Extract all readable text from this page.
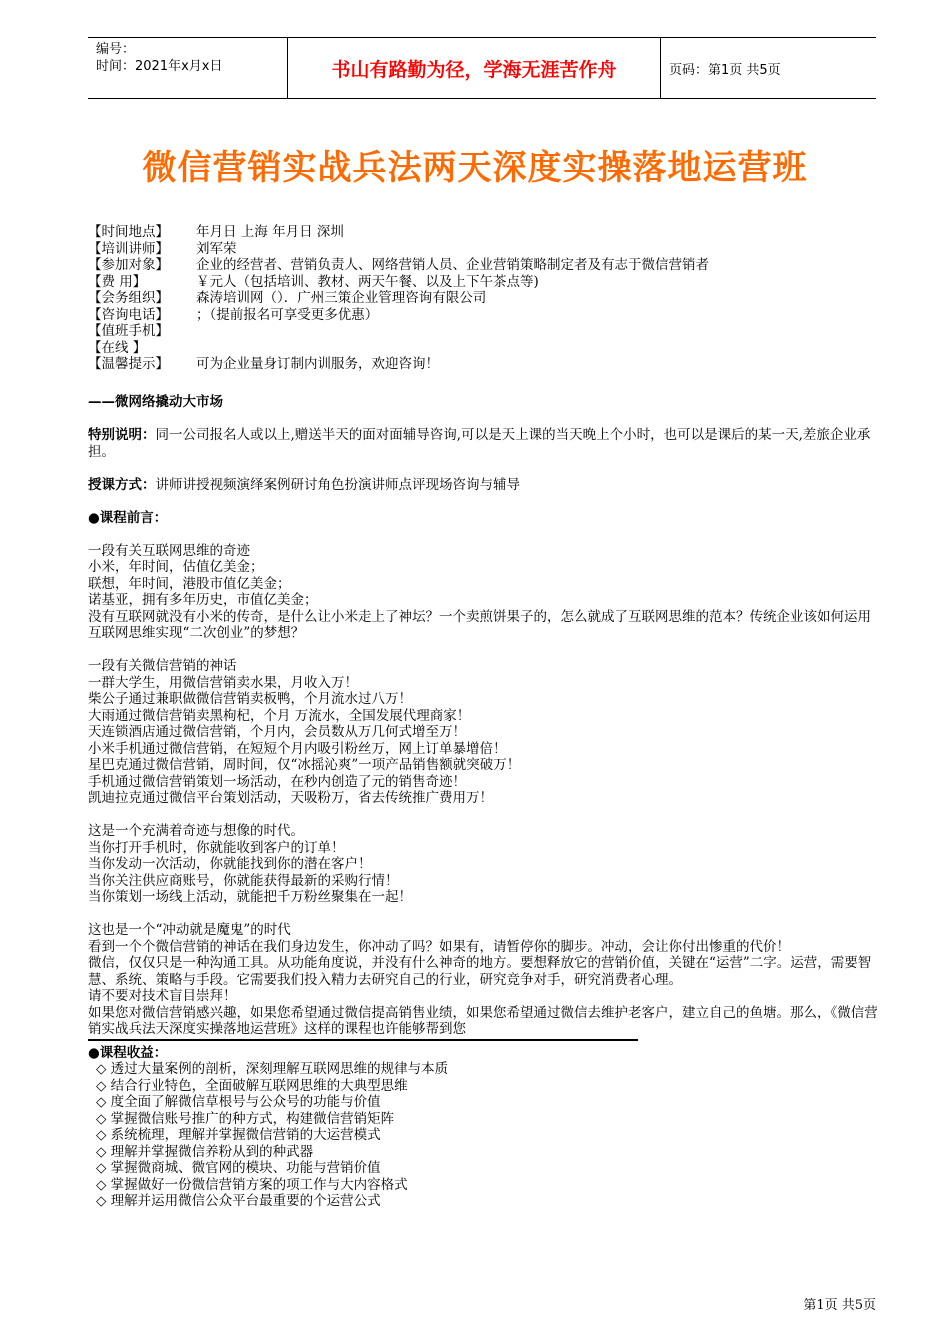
编号：
时间：2021年x月x日	书山有路勤为径，学海无涯苦作舟	页码：第1页 共5页
微信营销实战兵法两天深度实操落地运营班
【时间地点】	年月日 上海 年月日 深圳
【培训讲师】	刘军荣
【参加对象】	企业的经营者、营销负责人、网络营销人员、企业营销策略制定者及有志于微信营销者
【费 用】	￥元人（包括培训、教材、两天午餐、以及上下午茶点等)
【会务组织】	森涛培训网（）．广州三策企业管理咨询有限公司
【咨询电话】	；（提前报名可享受更多优惠）
【值班手机】
【在线 】
【温馨提示】	可为企业量身订制内训服务，欢迎咨询！

——微网络撬动大市场

特别说明：同一公司报名人或以上,赠送半天的面对面辅导咨询,可以是天上课的当天晚上个小时，也可以是课后的某一天,差旅企业承担。

授课方式：讲师讲授视频演绎案例研讨角色扮演讲师点评现场咨询与辅导

●课程前言：

一段有关互联网思维的奇迹

小米，年时间，估值亿美金；

联想，年时间，港股市值亿美金；

诺基亚，拥有多年历史，市值亿美金；

没有互联网就没有小米的传奇，是什么让小米走上了神坛？一个卖煎饼果子的，怎么就成了互联网思维的范本？传统企业该如何运用互联网思维实现“二次创业”的梦想？

一段有关微信营销的神话

一群大学生，用微信营销卖水果，月收入万！

柴公子通过兼职做微信营销卖板鸭，个月流水过八万！

大雨通过微信营销卖黑枸杞，个月 万流水，全国发展代理商家！

天连锁酒店通过微信营销，个月内，会员数从万几何式增至万！

小米手机通过微信营销，在短短个月内吸引粉丝万，网上订单暴增倍！

星巴克通过微信营销，周时间，仅“冰摇沁爽”一项产品销售额就突破万！

手机通过微信营销策划一场活动，在秒内创造了元的销售奇迹！

凯迪拉克通过微信平台策划活动，天吸粉万，省去传统推广费用万！

这是一个充满着奇迹与想像的时代。

当你打开手机时，你就能收到客户的订单！

当你发动一次活动，你就能找到你的潜在客户！

当你关注供应商账号，你就能获得最新的采购行情！

当你策划一场线上活动，就能把千万粉丝聚集在一起！

这也是一个“冲动就是魔鬼”的时代

看到一个个微信营销的神话在我们身边发生，你冲动了吗？如果有，请暂停你的脚步。冲动，会让你付出惨重的代价！

微信，仅仅只是一种沟通工具。从功能角度说，并没有什么神奇的地方。要想释放它的营销价值，关键在“运营”二字。运营，需要智慧、系统、策略与手段。它需要我们投入精力去研究自己的行业，研究竞争对手，研究消费者心理。

请不要对技术盲目崇拜！

如果您对微信营销感兴趣，如果您希望通过微信提高销售业绩，如果您希望通过微信去维护老客户，建立自己的鱼塘。那么，《微信营销实战兵法天深度实操落地运营班》这样的课程也许能够帮到您

●课程收益：

◇ 透过大量案例的剖析，深刻理解互联网思维的规律与本质

◇ 结合行业特色，全面破解互联网思维的大典型思维

◇ 度全面了解微信草根号与公众号的功能与价值

◇ 掌握微信账号推广的种方式，构建微信营销矩阵

◇ 系统梳理，理解并掌握微信营销的大运营模式

◇ 理解并掌握微信养粉从到的种武器

◇ 掌握微商城、微官网的模块、功能与营销价值

◇ 掌握做好一份微信营销方案的项工作与大内容格式

◇ 理解并运用微信公众平台最重要的个运营公式

第1页 共5页
